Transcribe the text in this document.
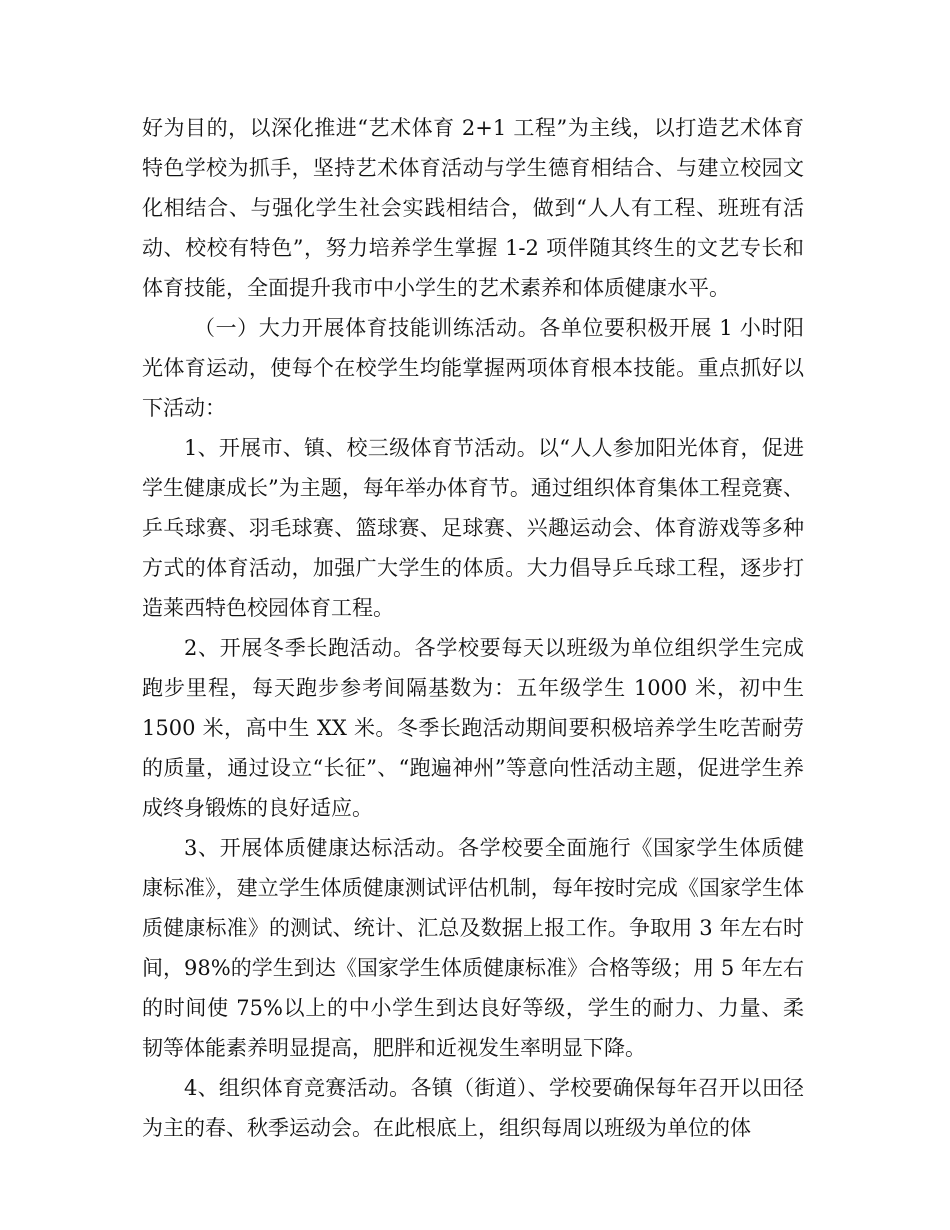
好为目的，以深化推进“艺术体育 2+1 工程”为主线，以打造艺术体育特色学校为抓手，坚持艺术体育活动与学生德育相结合、与建立校园文化相结合、与强化学生社会实践相结合，做到“人人有工程、班班有活动、校校有特色”，努力培养学生掌握 1-2 项伴随其终生的文艺专长和体育技能，全面提升我市中小学生的艺术素养和体质健康水平。

（一）大力开展体育技能训练活动。各单位要积极开展 1 小时阳光体育运动，使每个在校学生均能掌握两项体育根本技能。重点抓好以下活动：

1、开展市、镇、校三级体育节活动。以“人人参加阳光体育，促进学生健康成长”为主题，每年举办体育节。通过组织体育集体工程竞赛、乒乓球赛、羽毛球赛、篮球赛、足球赛、兴趣运动会、体育游戏等多种方式的体育活动，加强广大学生的体质。大力倡导乒乓球工程，逐步打造莱西特色校园体育工程。

2、开展冬季长跑活动。各学校要每天以班级为单位组织学生完成跑步里程，每天跑步参考间隔基数为：五年级学生 1000 米，初中生 1500 米，高中生 XX 米。冬季长跑活动期间要积极培养学生吃苦耐劳的质量，通过设立“长征”、“跑遍神州”等意向性活动主题，促进学生养成终身锻炼的良好适应。

3、开展体质健康达标活动。各学校要全面施行《国家学生体质健康标准》，建立学生体质健康测试评估机制，每年按时完成《国家学生体质健康标准》的测试、统计、汇总及数据上报工作。争取用 3 年左右时间，98%的学生到达《国家学生体质健康标准》合格等级；用 5 年左右的时间使 75%以上的中小学生到达良好等级，学生的耐力、力量、柔韧等体能素养明显提高，肥胖和近视发生率明显下降。

4、组织体育竞赛活动。各镇（街道）、学校要确保每年召开以田径为主的春、秋季运动会。在此根底上，组织每周以班级为单位的体
